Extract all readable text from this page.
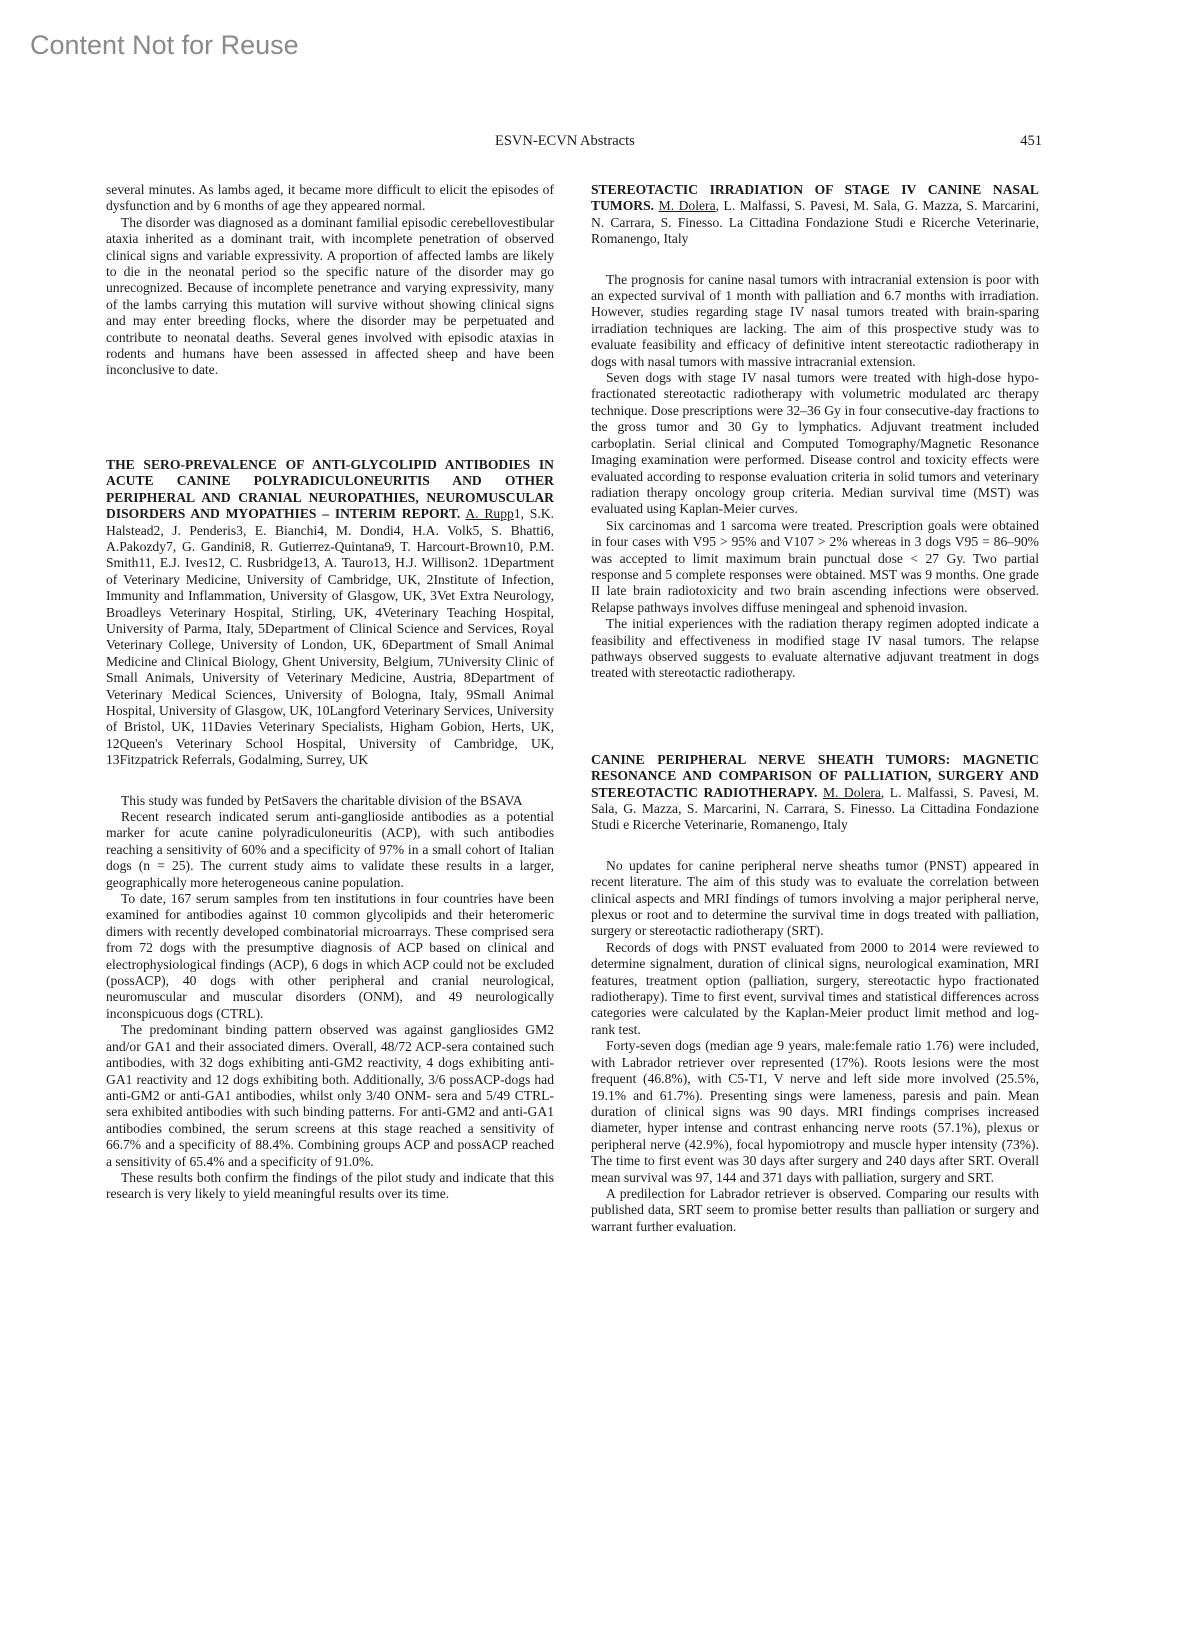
Content Not for Reuse
ESVN-ECVN Abstracts	451

several minutes. As lambs aged, it became more difficult to elicit the episodes of dysfunction and by 6 months of age they appeared normal.

The disorder was diagnosed as a dominant familial episodic cerebellovestibular ataxia inherited as a dominant trait, with incomplete penetration of observed clinical signs and variable expressivity. A proportion of affected lambs are likely to die in the neonatal period so the specific nature of the disorder may go unrecognized. Because of incomplete penetrance and varying expressivity, many of the lambs carrying this mutation will survive without showing clinical signs and may enter breeding flocks, where the disorder may be perpetuated and contribute to neonatal deaths. Several genes involved with episodic ataxias in rodents and humans have been assessed in affected sheep and have been inconclusive to date.

THE SERO-PREVALENCE OF ANTI-GLYCOLIPID ANTIBODIES IN ACUTE CANINE POLYRADICULONEURITIS AND OTHER PERIPHERAL AND CRANIAL NEUROPATHIES, NEUROMUSCULAR DISORDERS AND MYOPATHIES – INTERIM REPORT. A. Rupp1, S.K. Halstead2, J. Penderis3, E. Bianchi4, M. Dondi4, H.A. Volk5, S. Bhatti6, A.Pakozdy7, G. Gandini8, R. Gutierrez-Quintana9, T. Harcourt-Brown10, P.M. Smith11, E.J. Ives12, C. Rusbridge13, A. Tauro13, H.J. Willison2. 1Department of Veterinary Medicine, University of Cambridge, UK, 2Institute of Infection, Immunity and Inflammation, University of Glasgow, UK, 3Vet Extra Neurology, Broadleys Veterinary Hospital, Stirling, UK, 4Veterinary Teaching Hospital, University of Parma, Italy, 5Department of Clinical Science and Services, Royal Veterinary College, University of London, UK, 6Department of Small Animal Medicine and Clinical Biology, Ghent University, Belgium, 7University Clinic of Small Animals, University of Veterinary Medicine, Austria, 8Department of Veterinary Medical Sciences, University of Bologna, Italy, 9Small Animal Hospital, University of Glasgow, UK, 10Langford Veterinary Services, University of Bristol, UK, 11Davies Veterinary Specialists, Higham Gobion, Herts, UK, 12Queen's Veterinary School Hospital, University of Cambridge, UK, 13Fitzpatrick Referrals, Godalming, Surrey, UK

This study was funded by PetSavers the charitable division of the BSAVA

Recent research indicated serum anti-ganglioside antibodies as a potential marker for acute canine polyradiculoneuritis (ACP), with such antibodies reaching a sensitivity of 60% and a specificity of 97% in a small cohort of Italian dogs (n = 25). The current study aims to validate these results in a larger, geographically more heterogeneous canine population.

To date, 167 serum samples from ten institutions in four countries have been examined for antibodies against 10 common glycolipids and their heteromeric dimers with recently developed combinatorial microarrays. These comprised sera from 72 dogs with the presumptive diagnosis of ACP based on clinical and electrophysiological findings (ACP), 6 dogs in which ACP could not be excluded (possACP), 40 dogs with other peripheral and cranial neurological, neuromuscular and muscular disorders (ONM), and 49 neurologically inconspicuous dogs (CTRL).

The predominant binding pattern observed was against gangliosides GM2 and/or GA1 and their associated dimers. Overall, 48/72 ACP-sera contained such antibodies, with 32 dogs exhibiting anti-GM2 reactivity, 4 dogs exhibiting anti-GA1 reactivity and 12 dogs exhibiting both. Additionally, 3/6 possACP-dogs had anti-GM2 or anti-GA1 antibodies, whilst only 3/40 ONM- sera and 5/49 CTRL-sera exhibited antibodies with such binding patterns. For anti-GM2 and anti-GA1 antibodies combined, the serum screens at this stage reached a sensitivity of 66.7% and a specificity of 88.4%. Combining groups ACP and possACP reached a sensitivity of 65.4% and a specificity of 91.0%.

These results both confirm the findings of the pilot study and indicate that this research is very likely to yield meaningful results over its time.

STEREOTACTIC IRRADIATION OF STAGE IV CANINE NASAL TUMORS. M. Dolera, L. Malfassi, S. Pavesi, M. Sala, G. Mazza, S. Marcarini, N. Carrara, S. Finesso. La Cittadina Fondazione Studi e Ricerche Veterinarie, Romanengo, Italy

The prognosis for canine nasal tumors with intracranial extension is poor with an expected survival of 1 month with palliation and 6.7 months with irradiation. However, studies regarding stage IV nasal tumors treated with brain-sparing irradiation techniques are lacking. The aim of this prospective study was to evaluate feasibility and efficacy of definitive intent stereotactic radiotherapy in dogs with nasal tumors with massive intracranial extension.

Seven dogs with stage IV nasal tumors were treated with high-dose hypo-fractionated stereotactic radiotherapy with volumetric modulated arc therapy technique. Dose prescriptions were 32–36 Gy in four consecutive-day fractions to the gross tumor and 30 Gy to lymphatics. Adjuvant treatment included carboplatin. Serial clinical and Computed Tomography/Magnetic Resonance Imaging examination were performed. Disease control and toxicity effects were evaluated according to response evaluation criteria in solid tumors and veterinary radiation therapy oncology group criteria. Median survival time (MST) was evaluated using Kaplan-Meier curves.

Six carcinomas and 1 sarcoma were treated. Prescription goals were obtained in four cases with V95 > 95% and V107 > 2% whereas in 3 dogs V95 = 86–90% was accepted to limit maximum brain punctual dose < 27 Gy. Two partial response and 5 complete responses were obtained. MST was 9 months. One grade II late brain radiotoxicity and two brain ascending infections were observed. Relapse pathways involves diffuse meningeal and sphenoid invasion.

The initial experiences with the radiation therapy regimen adopted indicate a feasibility and effectiveness in modified stage IV nasal tumors. The relapse pathways observed suggests to evaluate alternative adjuvant treatment in dogs treated with stereotactic radiotherapy.

CANINE PERIPHERAL NERVE SHEATH TUMORS: MAGNETIC RESONANCE AND COMPARISON OF PALLIATION, SURGERY AND STEREOTACTIC RADIOTHERAPY. M. Dolera, L. Malfassi, S. Pavesi, M. Sala, G. Mazza, S. Marcarini, N. Carrara, S. Finesso. La Cittadina Fondazione Studi e Ricerche Veterinarie, Romanengo, Italy

No updates for canine peripheral nerve sheaths tumor (PNST) appeared in recent literature. The aim of this study was to evaluate the correlation between clinical aspects and MRI findings of tumors involving a major peripheral nerve, plexus or root and to determine the survival time in dogs treated with palliation, surgery or stereotactic radiotherapy (SRT).

Records of dogs with PNST evaluated from 2000 to 2014 were reviewed to determine signalment, duration of clinical signs, neurological examination, MRI features, treatment option (palliation, surgery, stereotactic hypo fractionated radiotherapy). Time to first event, survival times and statistical differences across categories were calculated by the Kaplan-Meier product limit method and log-rank test.

Forty-seven dogs (median age 9 years, male:female ratio 1.76) were included, with Labrador retriever over represented (17%). Roots lesions were the most frequent (46.8%), with C5-T1, V nerve and left side more involved (25.5%, 19.1% and 61.7%). Presenting sings were lameness, paresis and pain. Mean duration of clinical signs was 90 days. MRI findings comprises increased diameter, hyper intense and contrast enhancing nerve roots (57.1%), plexus or peripheral nerve (42.9%), focal hypomiotropy and muscle hyper intensity (73%). The time to first event was 30 days after surgery and 240 days after SRT. Overall mean survival was 97, 144 and 371 days with palliation, surgery and SRT.

A predilection for Labrador retriever is observed. Comparing our results with published data, SRT seem to promise better results than palliation or surgery and warrant further evaluation.
